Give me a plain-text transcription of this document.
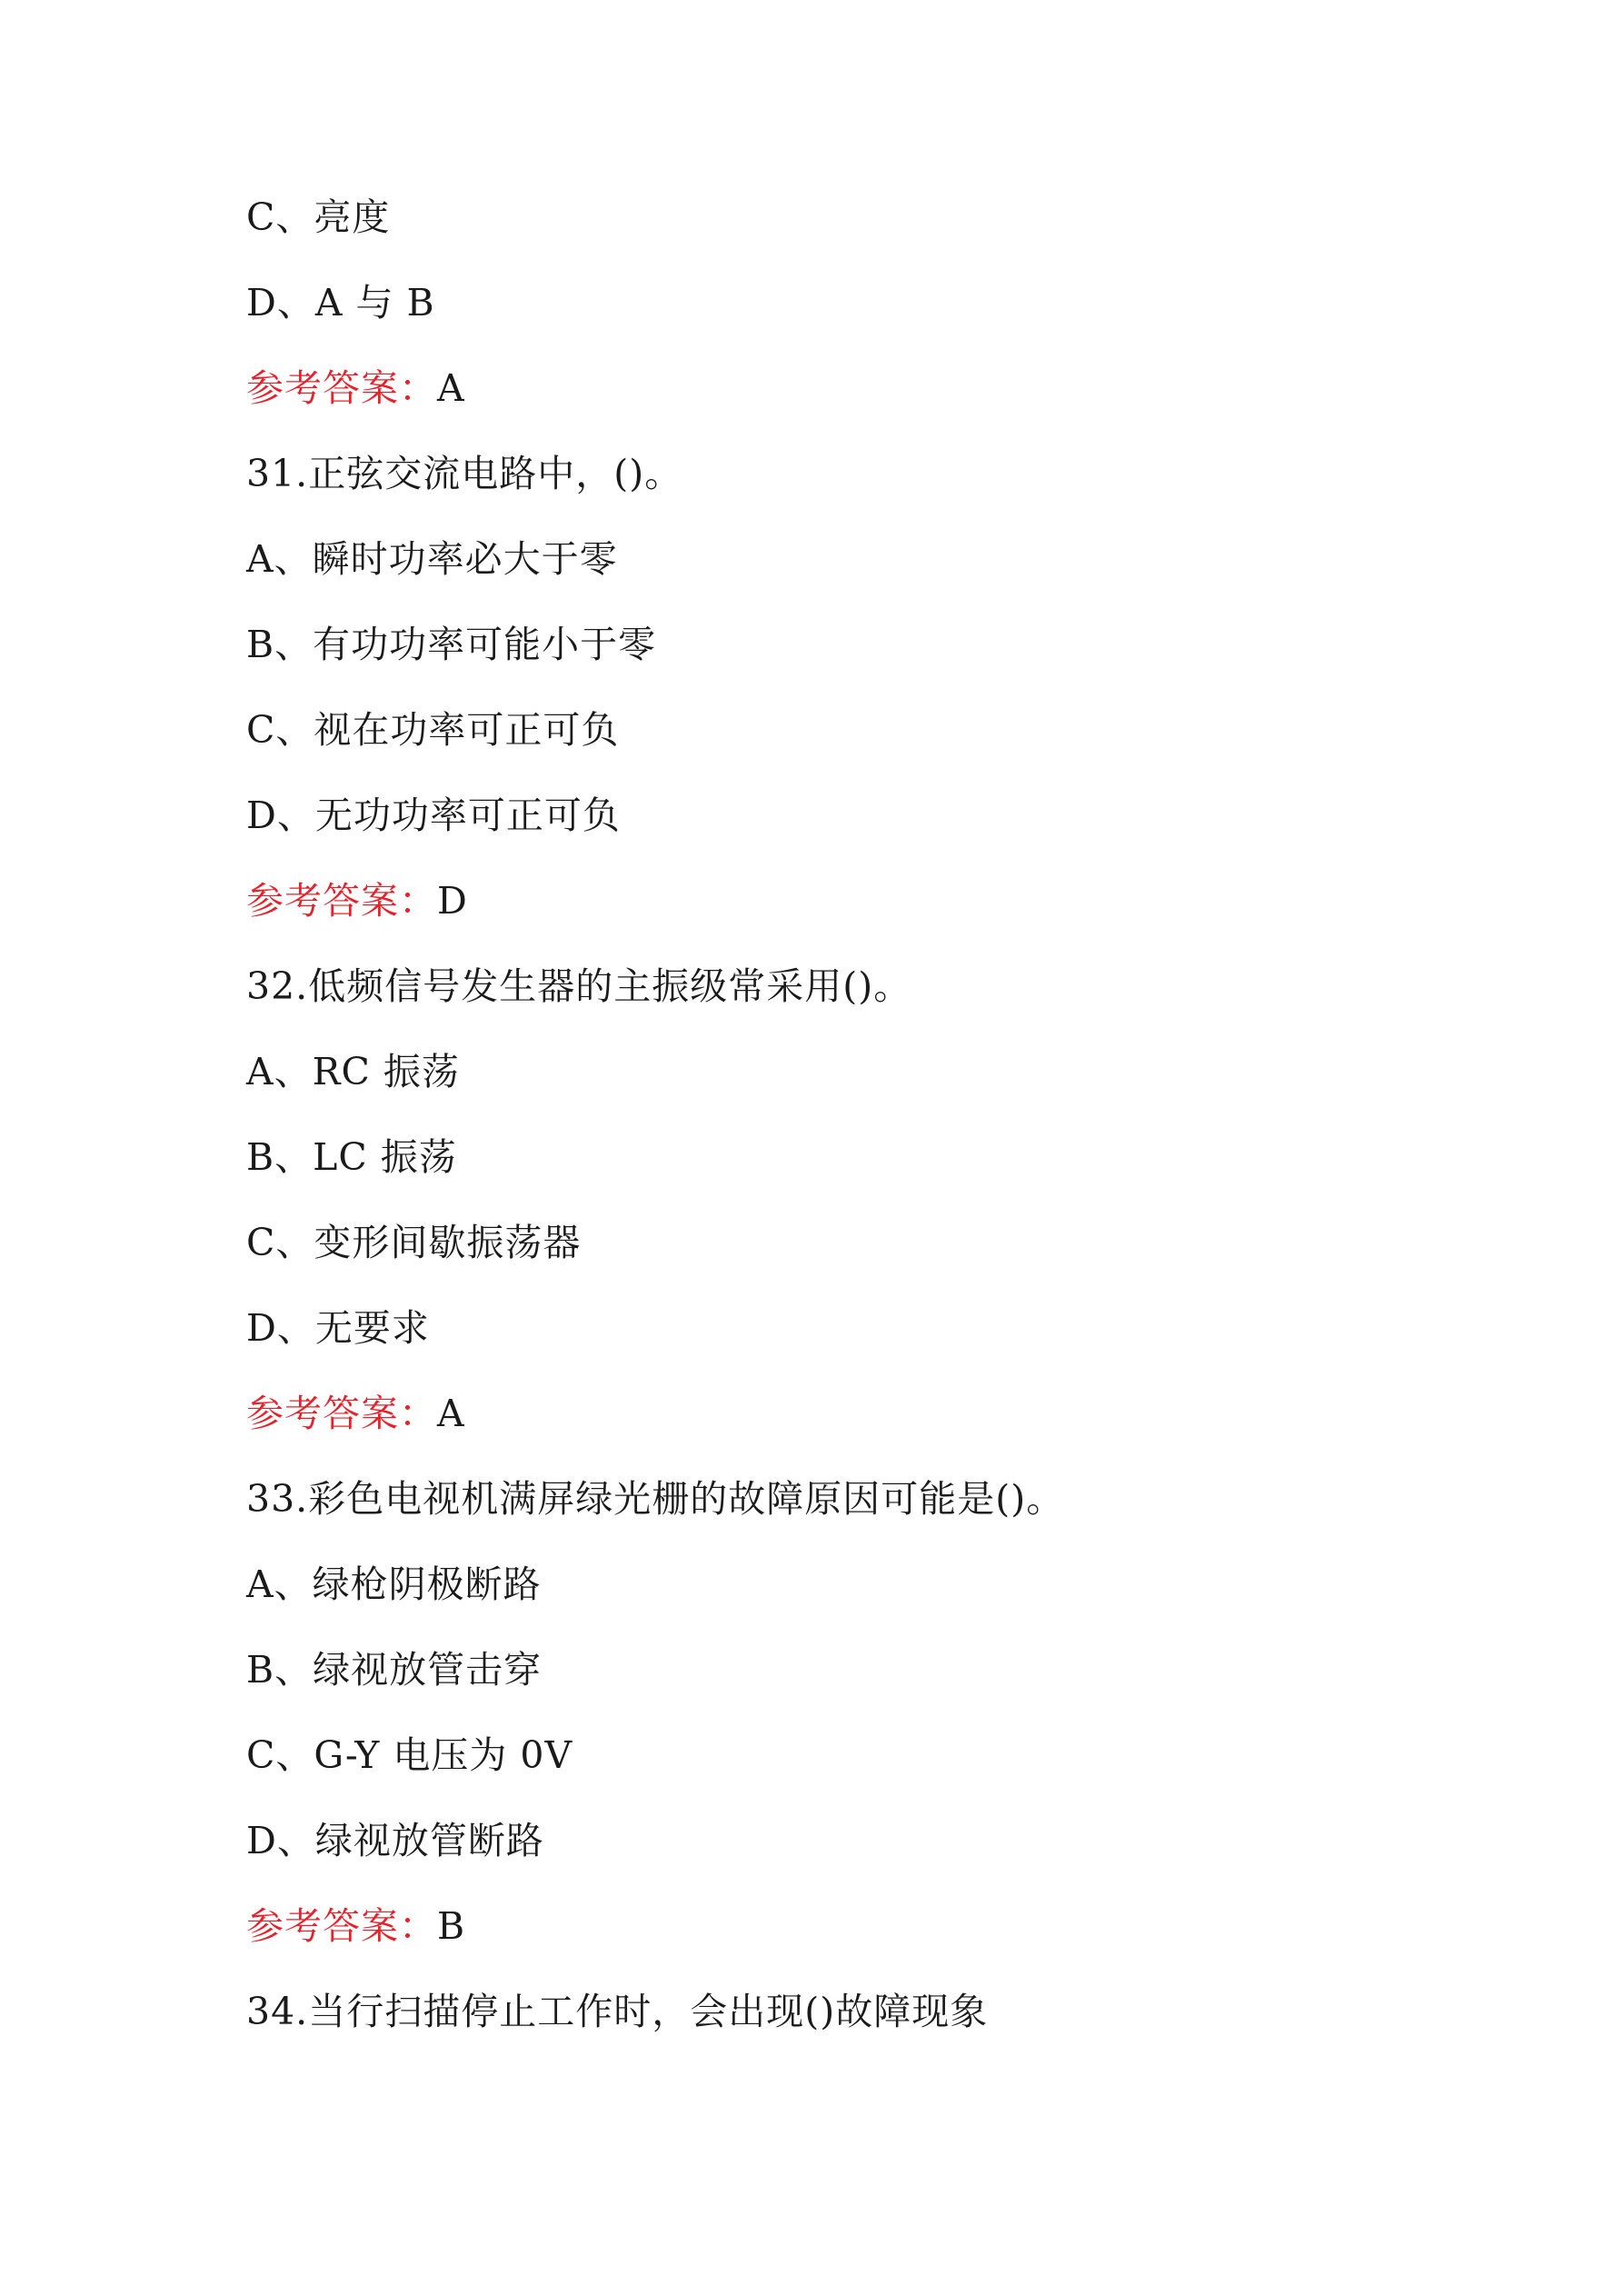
C、亮度
D、A 与 B
参考答案：A
31.正弦交流电路中，()。
A、瞬时功率必大于零
B、有功功率可能小于零
C、视在功率可正可负
D、无功功率可正可负
参考答案：D
32.低频信号发生器的主振级常采用()。
A、RC 振荡
B、LC 振荡
C、变形间歇振荡器
D、无要求
参考答案：A
33.彩色电视机满屏绿光栅的故障原因可能是()。
A、绿枪阴极断路
B、绿视放管击穿
C、G-Y 电压为 0V
D、绿视放管断路
参考答案：B
34.当行扫描停止工作时，会出现()故障现象
